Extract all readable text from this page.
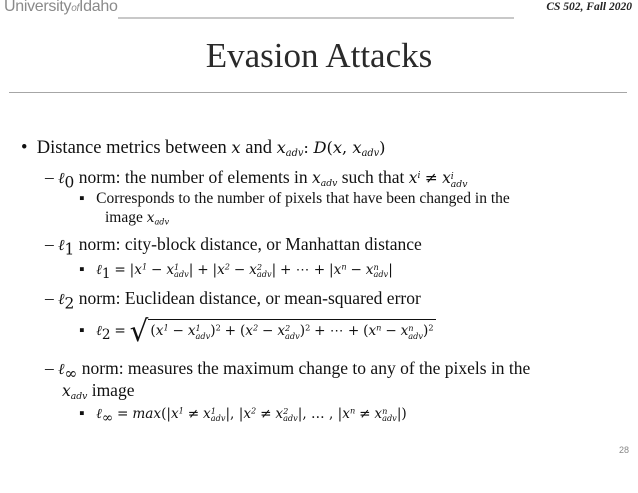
UniversityofIdaho	CS 502, Fall 2020
Evasion Attacks
• Distance metrics between x and $x_{adv}$: D(x, $x_{adv}$)
– ℓ$_0$ norm: the number of elements in $x_{adv}$ such that $x^i \ne x$ i
adv
▪   Corresponds to the number of pixels that have been changed in the
image $x_{adv}$
– ℓ$_1$ norm: city-block distance, or Manhattan distance
▪   ℓ$_1$ = $|x^1 - x$ 1
adv | + $|x^2 - x$ 2
adv | + ⋯ + $|x^n - x$ n
adv |
– ℓ$_2$ norm: Euclidean distance, or mean-squared error
▪   ℓ$_2$ = √ ($x^1 - x$ 1
adv )$^2 + (x^2 - x$ 2
adv )$^2$ + ⋯ + ($x^n - x$ n
adv )$^2$
– ℓ$_\infty$ norm: measures the maximum change to any of the pixels in the
$x_{adv}$ image
▪   ℓ$_\infty$ = $\max(|x^1 \ne x$ 1
adv |, $|x^2 \ne x$ 2
adv |, … , $|x^n \ne x$ n
adv |)
28
